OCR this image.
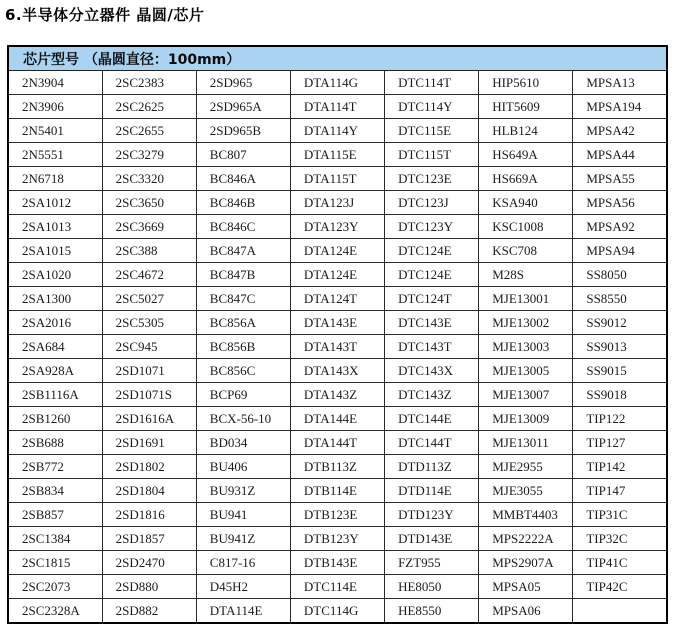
6.半导体分立器件 晶圆/芯片
芯片型号 （晶圆直径：100mm）						
2N3904	2SC2383	2SD965	DTA114G	DTC114T	HIP5610	MPSA13
2N3906	2SC2625	2SD965A	DTA114T	DTC114Y	HIT5609	MPSA194
2N5401	2SC2655	2SD965B	DTA114Y	DTC115E	HLB124	MPSA42
2N5551	2SC3279	BC807	DTA115E	DTC115T	HS649A	MPSA44
2N6718	2SC3320	BC846A	DTA115T	DTC123E	HS669A	MPSA55
2SA1012	2SC3650	BC846B	DTA123J	DTC123J	KSA940	MPSA56
2SA1013	2SC3669	BC846C	DTA123Y	DTC123Y	KSC1008	MPSA92
2SA1015	2SC388	BC847A	DTA124E	DTC124E	KSC708	MPSA94
2SA1020	2SC4672	BC847B	DTA124E	DTC124E	M28S	SS8050
2SA1300	2SC5027	BC847C	DTA124T	DTC124T	MJE13001	SS8550
2SA2016	2SC5305	BC856A	DTA143E	DTC143E	MJE13002	SS9012
2SA684	2SC945	BC856B	DTA143T	DTC143T	MJE13003	SS9013
2SA928A	2SD1071	BC856C	DTA143X	DTC143X	MJE13005	SS9015
2SB1116A	2SD1071S	BCP69	DTA143Z	DTC143Z	MJE13007	SS9018
2SB1260	2SD1616A	BCX-56-10	DTA144E	DTC144E	MJE13009	TIP122
2SB688	2SD1691	BD034	DTA144T	DTC144T	MJE13011	TIP127
2SB772	2SD1802	BU406	DTB113Z	DTD113Z	MJE2955	TIP142
2SB834	2SD1804	BU931Z	DTB114E	DTD114E	MJE3055	TIP147
2SB857	2SD1816	BU941	DTB123E	DTD123Y	MMBT4403	TIP31C
2SC1384	2SD1857	BU941Z	DTB123Y	DTD143E	MPS2222A	TIP32C
2SC1815	2SD2470	C817-16	DTB143E	FZT955	MPS2907A	TIP41C
2SC2073	2SD880	D45H2	DTC114E	HE8050	MPSA05	TIP42C
2SC2328A	2SD882	DTA114E	DTC114G	HE8550	MPSA06	
